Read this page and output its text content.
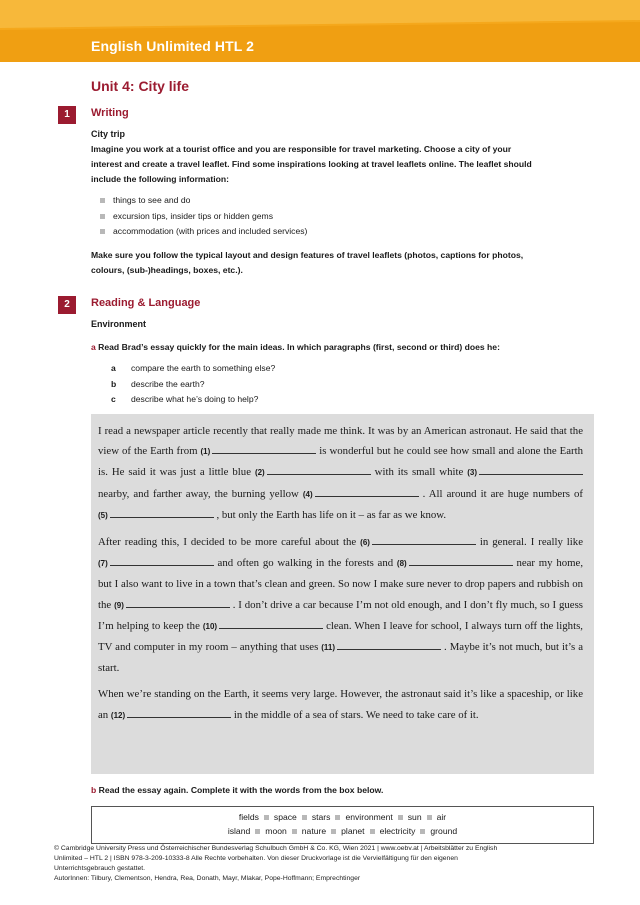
English Unlimited HTL 2
Unit 4: City life
1	Writing
City trip
Imagine you work at a tourist office and you are responsible for travel marketing. Choose a city of your
interest and create a travel leaflet. Find some inspirations looking at travel leaflets online. The leaflet should
include the following information:
things to see and do
excursion tips, insider tips or hidden gems
accommodation (with prices and included services)
Make sure you follow the typical layout and design features of travel leaflets (photos, captions for photos,
colours, (sub-)headings, boxes, etc.).
2	Reading & Language
Environment
a Read Brad’s essay quickly for the main ideas. In which paragraphs (first, second or third) does he:
a	compare the earth to something else?
b	describe the earth?
c	describe what he’s doing to help?

I read a newspaper article recently that really made me think. It was by an American astronaut. He said that the view of the Earth from (1)	is wonderful but he could see how small and alone the Earth is. He said it was just a little blue (2)	with its small white (3) nearby, and farther away, the burning yellow (4)	. All around it are huge numbers of (5)	, but only the Earth has life on it – as far as we know.

After reading this, I decided to be more careful about the (6)	in general. I really like (7)	and often go walking in the forests and (8)	near my home, but I also want to live in a town that’s clean and green. So now I make sure never to drop papers and rubbish on the (9)	. I don’t drive a car because I’m not old enough, and I don’t fly much, so I guess I’m helping to keep the (10)	clean. When I leave for school, I always turn off the lights, TV and computer in my room – anything that uses (11)	. Maybe it’s not much, but it’s a start.

When we’re standing on the Earth, it seems very large. However, the astronaut said it’s like a spaceship, or like an (12)	in the middle of a sea of stars. We need to take care of it.

b Read the essay again. Complete it with the words from the box below.
fields space stars environment sun air
island moon nature planet electricity ground
© Cambridge University Press und Österreichischer Bundesverlag Schulbuch GmbH & Co. KG, Wien 2021 | www.oebv.at | Arbeitsblätter zu English
Unlimited – HTL 2 | ISBN 978-3-209-10333-8 Alle Rechte vorbehalten. Von dieser Druckvorlage ist die Vervielfältigung für den eigenen
Unterrichtsgebrauch gestattet.
AutorInnen: Tilbury, Clementson, Hendra, Rea, Donath, Mayr, Mlakar, Pope-Hoffmann; Emprechtinger
